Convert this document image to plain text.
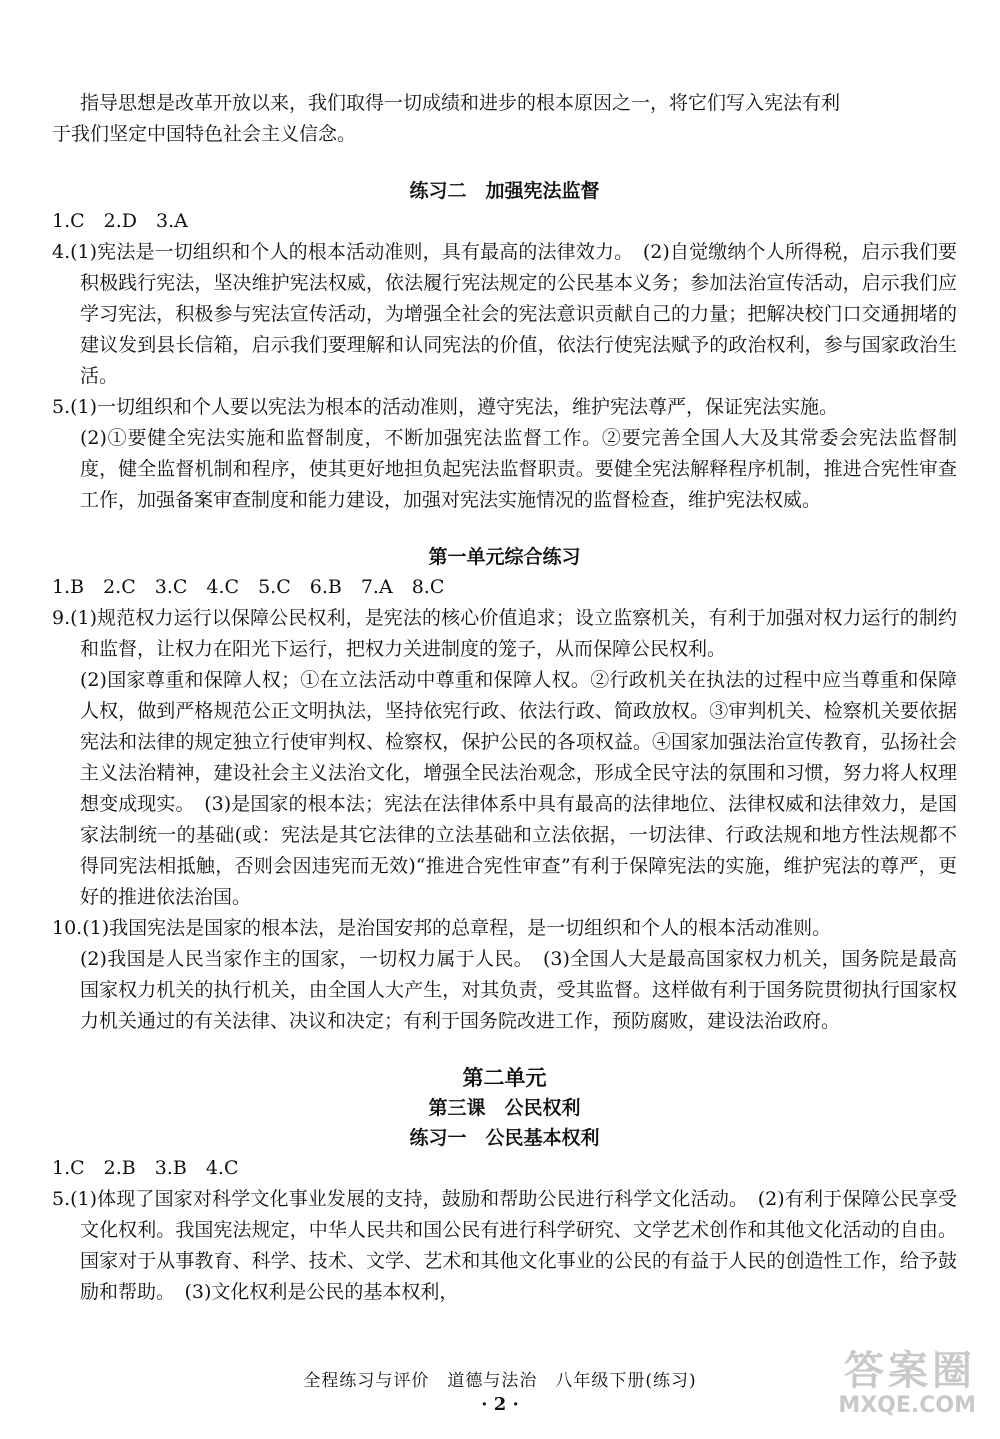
指导思想是改革开放以来，我们取得一切成绩和进步的根本原因之一，将它们写入宪法有利

于我们坚定中国特色社会主义信念。

练习二　加强宪法监督

1.C　2.D　3.A

4.(1)宪法是一切组织和个人的根本活动准则，具有最高的法律效力。　(2)自觉缴纳个人所得税，启示我们要积极践行宪法，坚决维护宪法权威，依法履行宪法规定的公民基本义务；参加法治宣传活动，启示我们应学习宪法，积极参与宪法宣传活动，为增强全社会的宪法意识贡献自己的力量；把解决校门口交通拥堵的建议发到县长信箱，启示我们要理解和认同宪法的价值，依法行使宪法赋予的政治权利，参与国家政治生活。

5.(1)一切组织和个人要以宪法为根本的活动准则，遵守宪法，维护宪法尊严，保证宪法实施。

(2)①要健全宪法实施和监督制度，不断加强宪法监督工作。②要完善全国人大及其常委会宪法监督制度，健全监督机制和程序，使其更好地担负起宪法监督职责。要健全宪法解释程序机制，推进合宪性审查工作，加强备案审查制度和能力建设，加强对宪法实施情况的监督检查，维护宪法权威。

第一单元综合练习

1.B　2.C　3.C　4.C　5.C　6.B　7.A　8.C

9.(1)规范权力运行以保障公民权利，是宪法的核心价值追求；设立监察机关，有利于加强对权力运行的制约和监督，让权力在阳光下运行，把权力关进制度的笼子，从而保障公民权利。

(2)国家尊重和保障人权；①在立法活动中尊重和保障人权。②行政机关在执法的过程中应当尊重和保障人权，做到严格规范公正文明执法，坚持依宪行政、依法行政、简政放权。③审判机关、检察机关要依据宪法和法律的规定独立行使审判权、检察权，保护公民的各项权益。④国家加强法治宣传教育，弘扬社会主义法治精神，建设社会主义法治文化，增强全民法治观念，形成全民守法的氛围和习惯，努力将人权理想变成现实。　(3)是国家的根本法；宪法在法律体系中具有最高的法律地位、法律权威和法律效力，是国家法制统一的基础(或：宪法是其它法律的立法基础和立法依据，一切法律、行政法规和地方性法规都不得同宪法相抵触，否则会因违宪而无效)“推进合宪性审查”有利于保障宪法的实施，维护宪法的尊严，更好的推进依法治国。

10.(1)我国宪法是国家的根本法，是治国安邦的总章程，是一切组织和个人的根本活动准则。

(2)我国是人民当家作主的国家，一切权力属于人民。　(3)全国人大是最高国家权力机关，国务院是最高国家权力机关的执行机关，由全国人大产生，对其负责，受其监督。这样做有利于国务院贯彻执行国家权力机关通过的有关法律、决议和决定；有利于国务院改进工作，预防腐败，建设法治政府。

第二单元
第三课　公民权利
练习一　公民基本权利

1.C　2.B　3.B　4.C

5.(1)体现了国家对科学文化事业发展的支持，鼓励和帮助公民进行科学文化活动。　(2)有利于保障公民享受文化权利。我国宪法规定，中华人民共和国公民有进行科学研究、文学艺术创作和其他文化活动的自由。国家对于从事教育、科学、技术、文学、艺术和其他文化事业的公民的有益于人民的创造性工作，给予鼓励和帮助。　(3)文化权利是公民的基本权利，

全程练习与评价　道德与法治　八年级下册(练习)
· 2 ·
答案圈
MXQE.COM
